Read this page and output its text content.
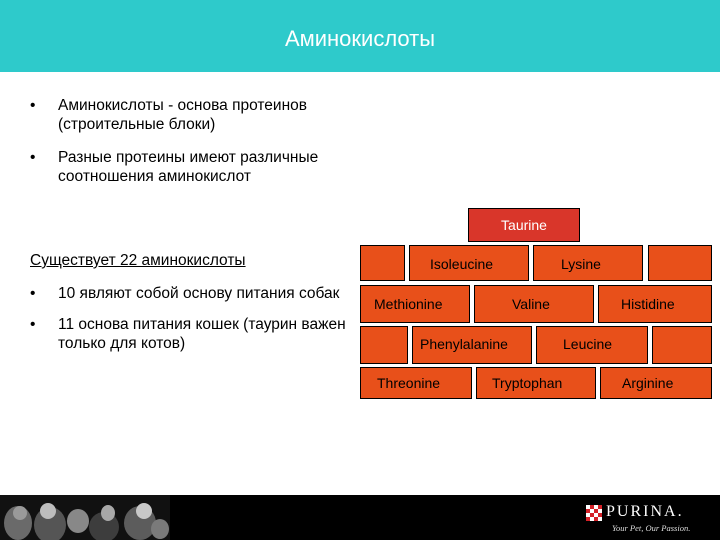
Аминокислоты
• Аминокислоты - основа протеинов (строительные блоки)
• Разные протеины имеют различные соотношения аминокислот
Существует 22 аминокислоты
• 10 являют собой основу питания собак
• 11 основа питания кошек (таурин важен только для котов)
Taurine
Isoleucine	Lysine
Methionine	Valine	Histidine
Phenylalanine	Leucine
Threonine	Tryptophan	Arginine
PURINA.
Your Pet, Our Passion.
